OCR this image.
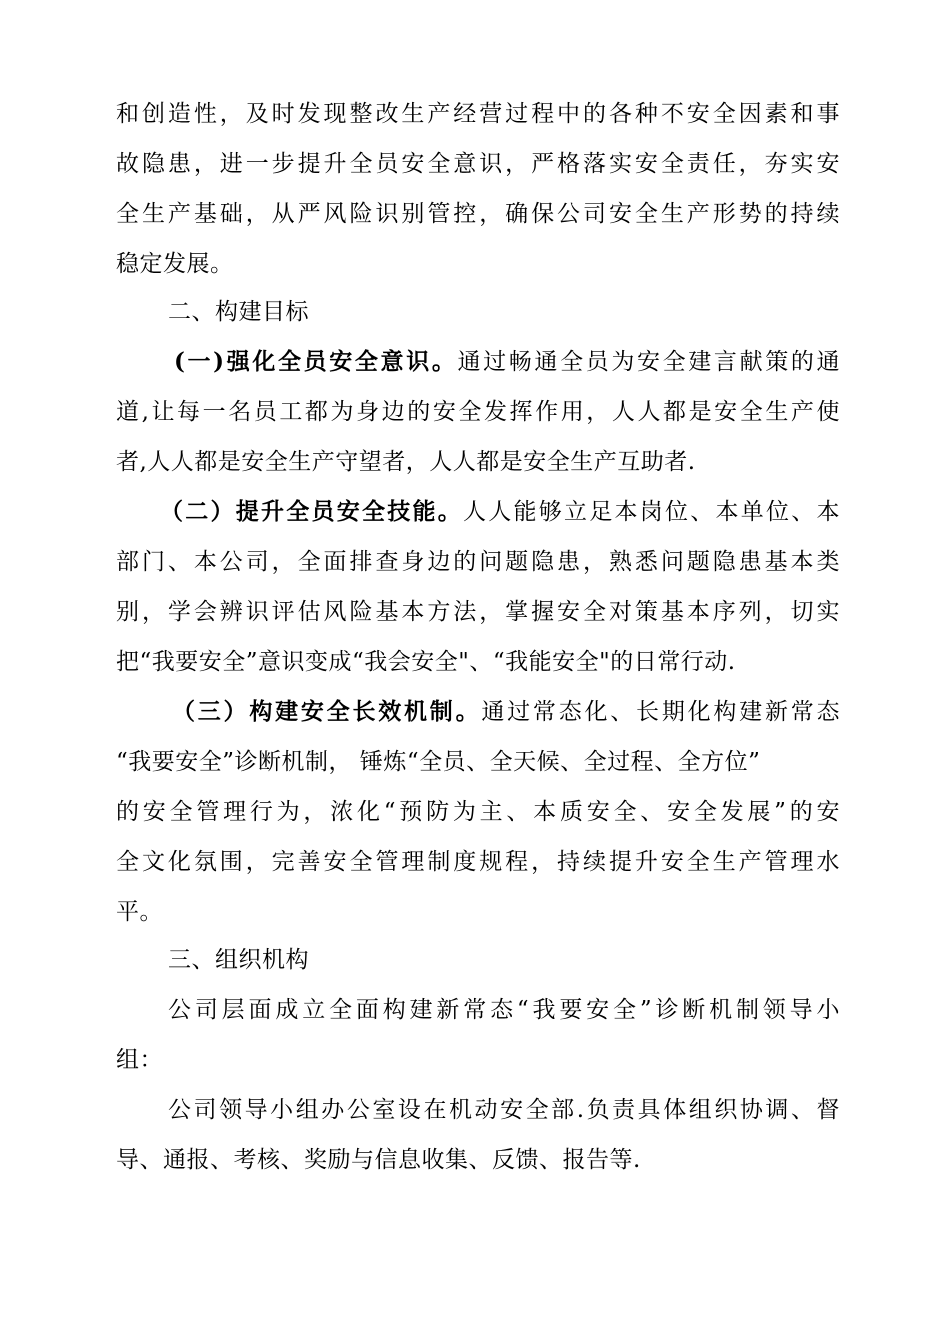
和创造性，及时发现整改生产经营过程中的各种不安全因素和事
故隐患，进一步提升全员安全意识，严格落实安全责任，夯实安
全生产基础，从严风险识别管控，确保公司安全生产形势的持续
稳定发展。
二、构建目标
(一)强化全员安全意识。通过畅通全员为安全建言献策的通
道,让每一名员工都为身边的安全发挥作用，人人都是安全生产使
者,人人都是安全生产守望者，人人都是安全生产互助者.
（二）提升全员安全技能。人人能够立足本岗位、本单位、本
部门、本公司，全面排查身边的问题隐患，熟悉问题隐患基本类
别，学会辨识评估风险基本方法，掌握安全对策基本序列，切实
把“我要安全”意识变成“我会安全"、“我能安全"的日常行动.
（三）构建安全长效机制。通过常态化、长期化构建新常态
“我要安全”诊断机制， 锤炼“全员、全天候、全过程、全方位”
的安全管理行为，浓化“预防为主、本质安全、安全发展”的安
全文化氛围，完善安全管理制度规程，持续提升安全生产管理水
平。
三、组织机构
公司层面成立全面构建新常态“我要安全”诊断机制领导小
组：
公司领导小组办公室设在机动安全部.负责具体组织协调、督
导、通报、考核、奖励与信息收集、反馈、报告等.
